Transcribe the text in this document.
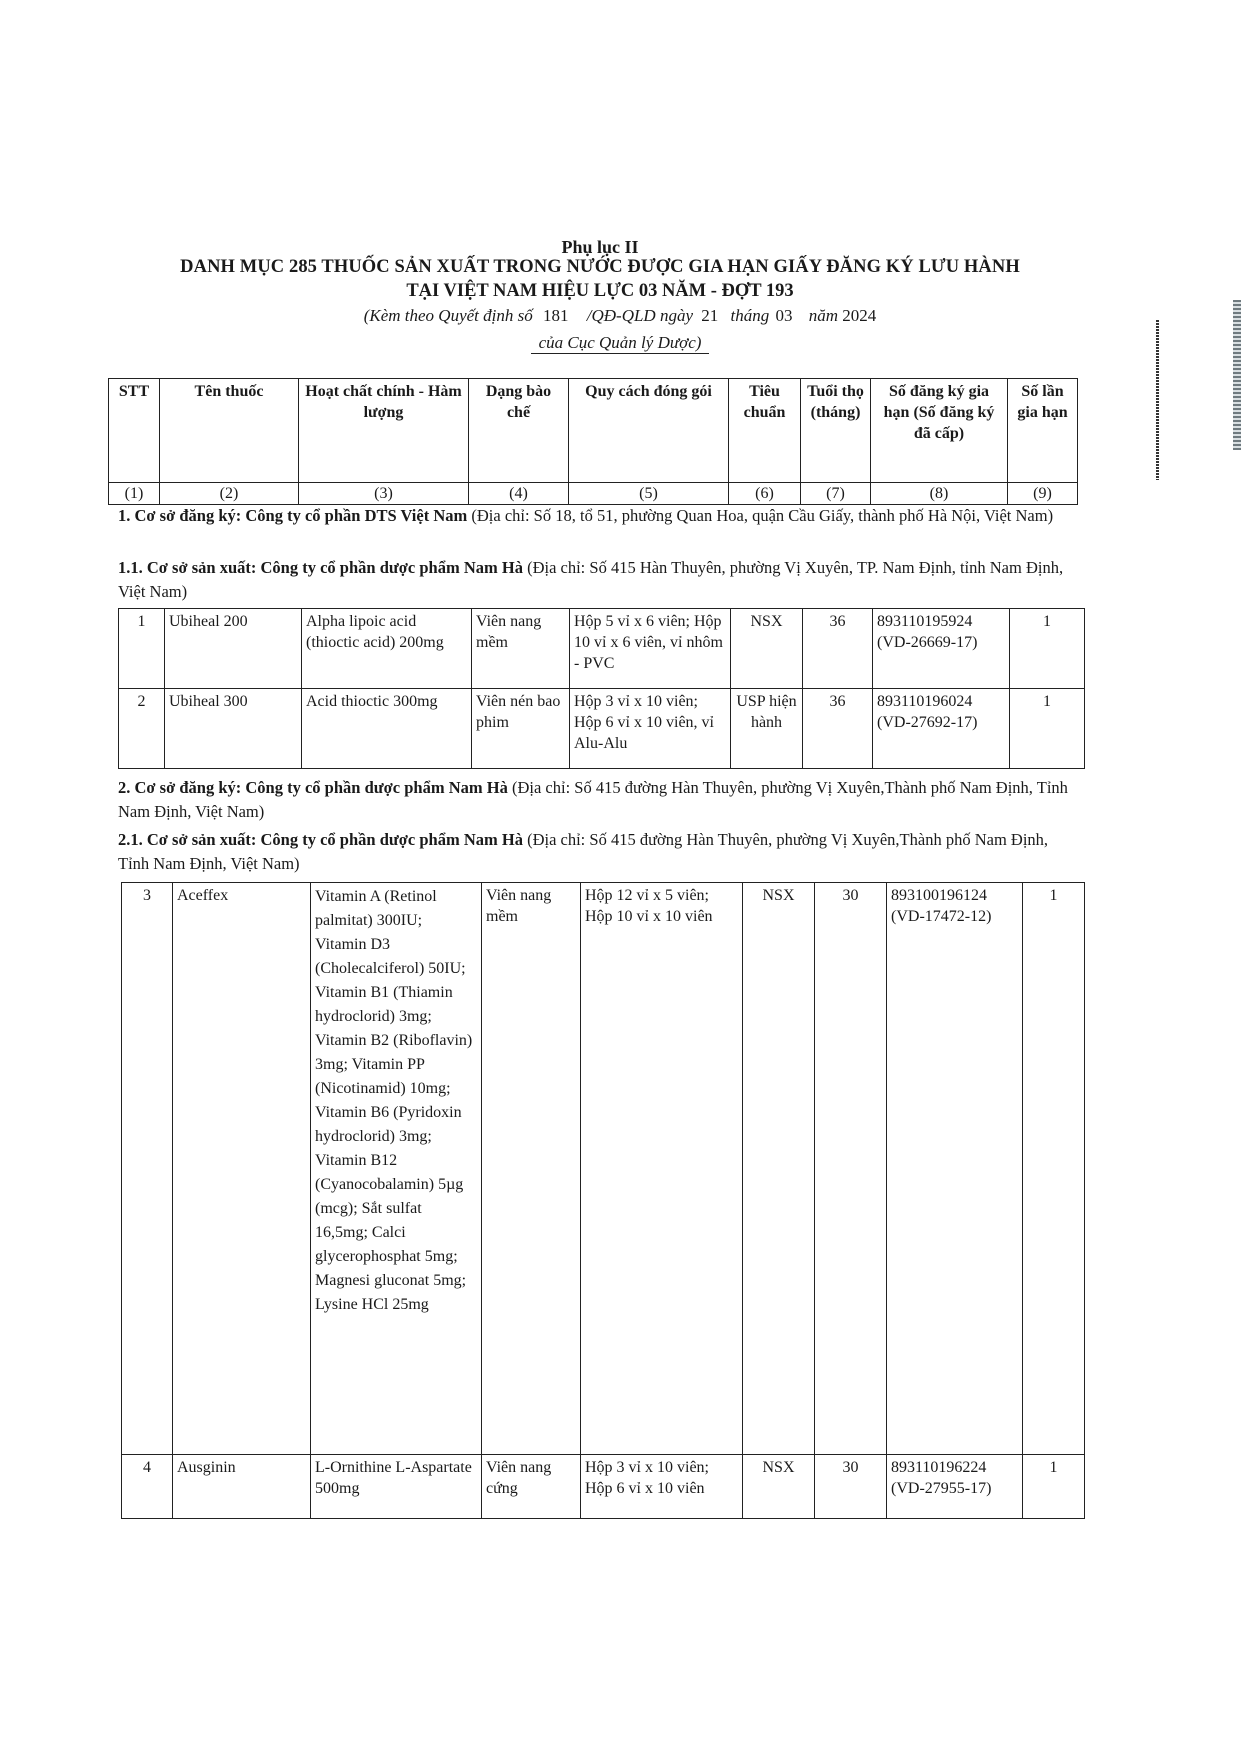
Phụ lục II
DANH MỤC 285 THUỐC SẢN XUẤT TRONG NƯỚC ĐƯỢC GIA HẠN GIẤY ĐĂNG KÝ LƯU HÀNH
TẠI VIỆT NAM HIỆU LỰC 03 NĂM - ĐỢT 193
(Kèm theo Quyết định số 181 /QĐ-QLD ngày 21 tháng 03 năm 2024
của Cục Quản lý Dược)
STT	Tên thuốc	Hoạt chất chính - Hàm lượng	Dạng bào chế	Quy cách đóng gói	Tiêu chuẩn	Tuổi thọ (tháng)	Số đăng ký gia hạn (Số đăng ký đã cấp)	Số lần gia hạn
(1)	(2)	(3)	(4)	(5)	(6)	(7)	(8)	(9)
1. Cơ sở đăng ký: Công ty cổ phần DTS Việt Nam (Địa chỉ: Số 18, tổ 51, phường Quan Hoa, quận Cầu Giấy, thành phố Hà Nội, Việt Nam)
1.1. Cơ sở sản xuất: Công ty cổ phần dược phẩm Nam Hà (Địa chỉ: Số 415 Hàn Thuyên, phường Vị Xuyên, TP. Nam Định, tỉnh Nam Định, Việt Nam)
1	Ubiheal 200	Alpha lipoic acid (thioctic acid) 200mg	Viên nang mềm	Hộp 5 vỉ x 6 viên; Hộp 10 vỉ x 6 viên, vỉ nhôm - PVC	NSX	36	893110195924 (VD-26669-17)	1
2	Ubiheal 300	Acid thioctic 300mg	Viên nén bao phim	Hộp 3 vỉ x 10 viên; Hộp 6 vỉ x 10 viên, vỉ Alu-Alu	USP hiện hành	36	893110196024 (VD-27692-17)	1
2. Cơ sở đăng ký: Công ty cổ phần dược phẩm Nam Hà (Địa chỉ: Số 415 đường Hàn Thuyên, phường Vị Xuyên,Thành phố Nam Định, Tỉnh Nam Định, Việt Nam)
2.1. Cơ sở sản xuất: Công ty cổ phần dược phẩm Nam Hà (Địa chỉ: Số 415 đường Hàn Thuyên, phường Vị Xuyên,Thành phố Nam Định, Tỉnh Nam Định, Việt Nam)
3	Aceffex	Vitamin A (Retinol palmitat) 300IU; Vitamin D3 (Cholecalciferol) 50IU; Vitamin B1 (Thiamin hydroclorid) 3mg; Vitamin B2 (Riboflavin) 3mg; Vitamin PP (Nicotinamid) 10mg; Vitamin B6 (Pyridoxin hydroclorid) 3mg; Vitamin B12 (Cyanocobalamin) 5µg (mcg); Sắt sulfat 16,5mg; Calci glycerophosphat 5mg; Magnesi gluconat 5mg; Lysine HCl 25mg	Viên nang mềm	Hộp 12 vỉ x 5 viên; Hộp 10 vỉ x 10 viên	NSX	30	893100196124 (VD-17472-12)	1
4	Ausginin	L-Ornithine L-Aspartate 500mg	Viên nang cứng	Hộp 3 vỉ x 10 viên; Hộp 6 vỉ x 10 viên	NSX	30	893110196224 (VD-27955-17)	1
